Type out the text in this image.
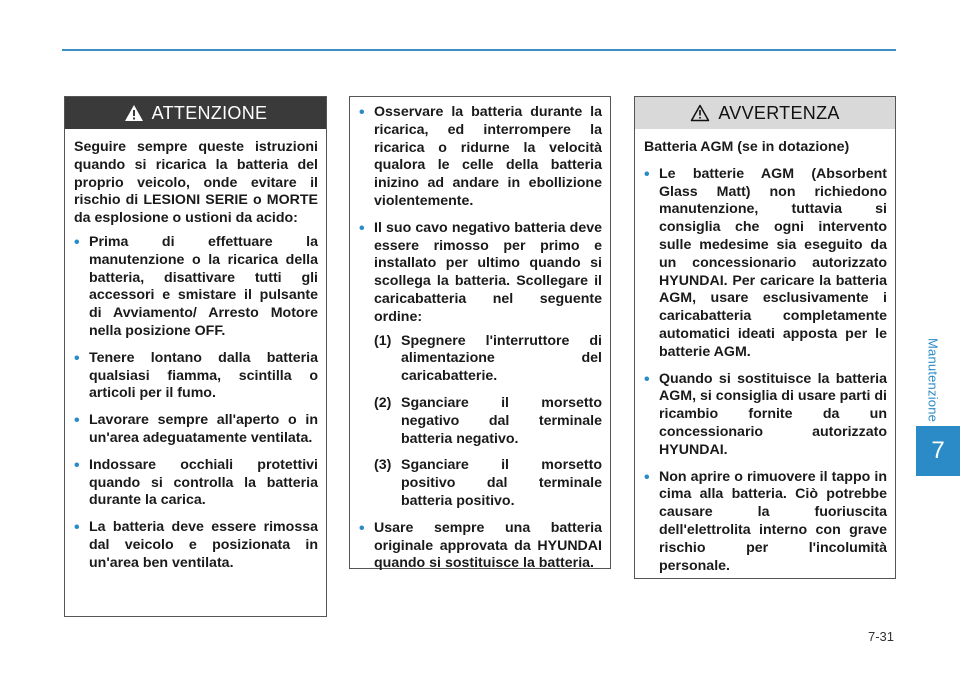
ATTENZIONE

Seguire sempre queste istruzioni quando si ricarica la batteria del proprio veicolo, onde evitare il rischio di LESIONI SERIE o MORTE da esplosione o ustioni da acido:

• Prima di effettuare la manutenzione o la ricarica della batteria, disattivare tutti gli accessori e smistare il pulsante di Avviamento/ Arresto Motore nella posizione OFF.
• Tenere lontano dalla batteria qualsiasi fiamma, scintilla o articoli per il fumo.
• Lavorare sempre all'aperto o in un'area adeguatamente ventilata.
• Indossare occhiali protettivi quando si controlla la batteria durante la carica.
• La batteria deve essere rimossa dal veicolo e posizionata in un'area ben ventilata.
• Osservare la batteria durante la ricarica, ed interrompere la ricarica o ridurne la velocità qualora le celle della batteria inizino ad andare in ebollizione violentemente.
• Il suo cavo negativo batteria deve essere rimosso per primo e installato per ultimo quando si scollega la batteria. Scollegare il caricabatteria nel seguente ordine:
(1) Spegnere l'interruttore di alimentazione del caricabatterie.
(2) Sganciare il morsetto negativo dal terminale batteria negativo.
(3) Sganciare il morsetto positivo dal terminale batteria positivo.
• Usare sempre una batteria originale approvata da HYUNDAI quando si sostituisce la batteria.
AVVERTENZA

Batteria AGM (se in dotazione)

• Le batterie AGM (Absorbent Glass Matt) non richiedono manutenzione, tuttavia si consiglia che ogni intervento sulle medesime sia eseguito da un concessionario autorizzato HYUNDAI. Per caricare la batteria AGM, usare esclusivamente i caricabatteria completamente automatici ideati apposta per le batterie AGM.
• Quando si sostituisce la batteria AGM, si consiglia di usare parti di ricambio fornite da un concessionario autorizzato HYUNDAI.
• Non aprire o rimuovere il tappo in cima alla batteria. Ciò potrebbe causare la fuoriuscita dell'elettrolita interno con grave rischio per l'incolumità personale.
Manutenzione
7
7-31
